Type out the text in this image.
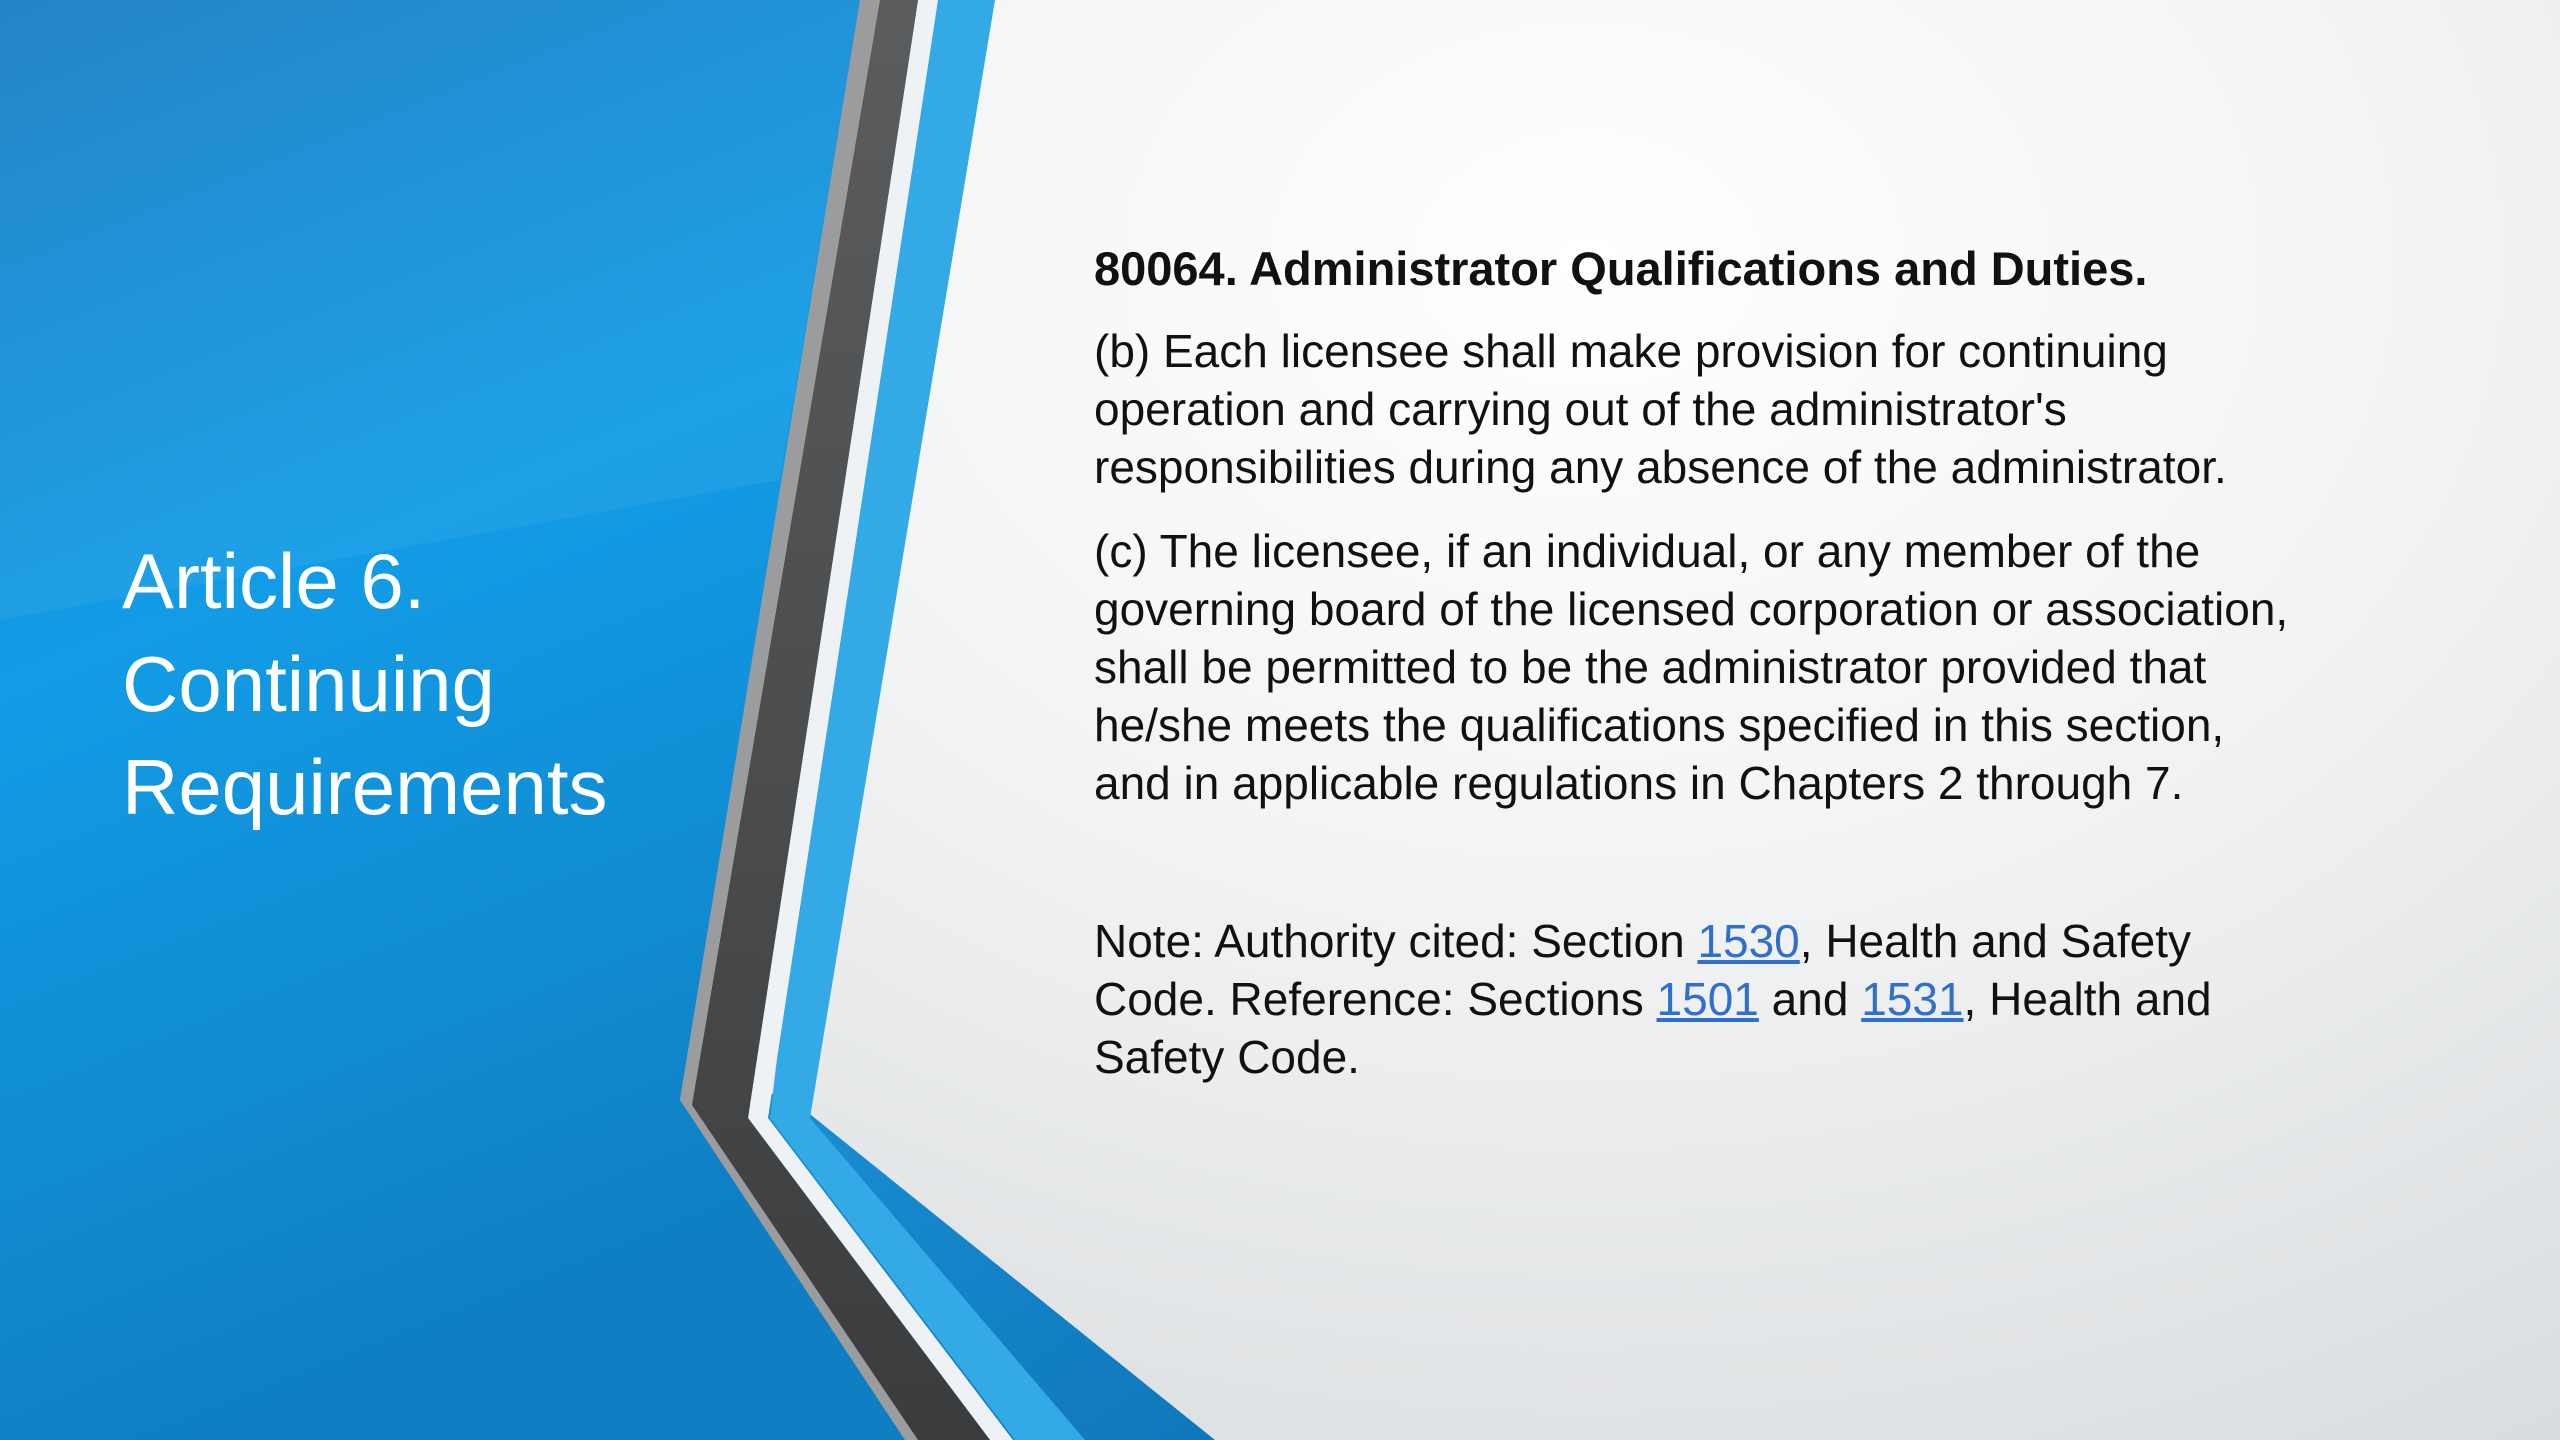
Article 6.
Continuing
Requirements
80064. Administrator Qualifications and Duties.
(b) Each licensee shall make provision for continuing
operation and carrying out of the administrator's
responsibilities during any absence of the administrator.
(c) The licensee, if an individual, or any member of the
governing board of the licensed corporation or association,
shall be permitted to be the administrator provided that
he/she meets the qualifications specified in this section,
and in applicable regulations in Chapters 2 through 7.
Note: Authority cited: Section 1530, Health and Safety
Code. Reference: Sections 1501 and 1531, Health and
Safety Code.
